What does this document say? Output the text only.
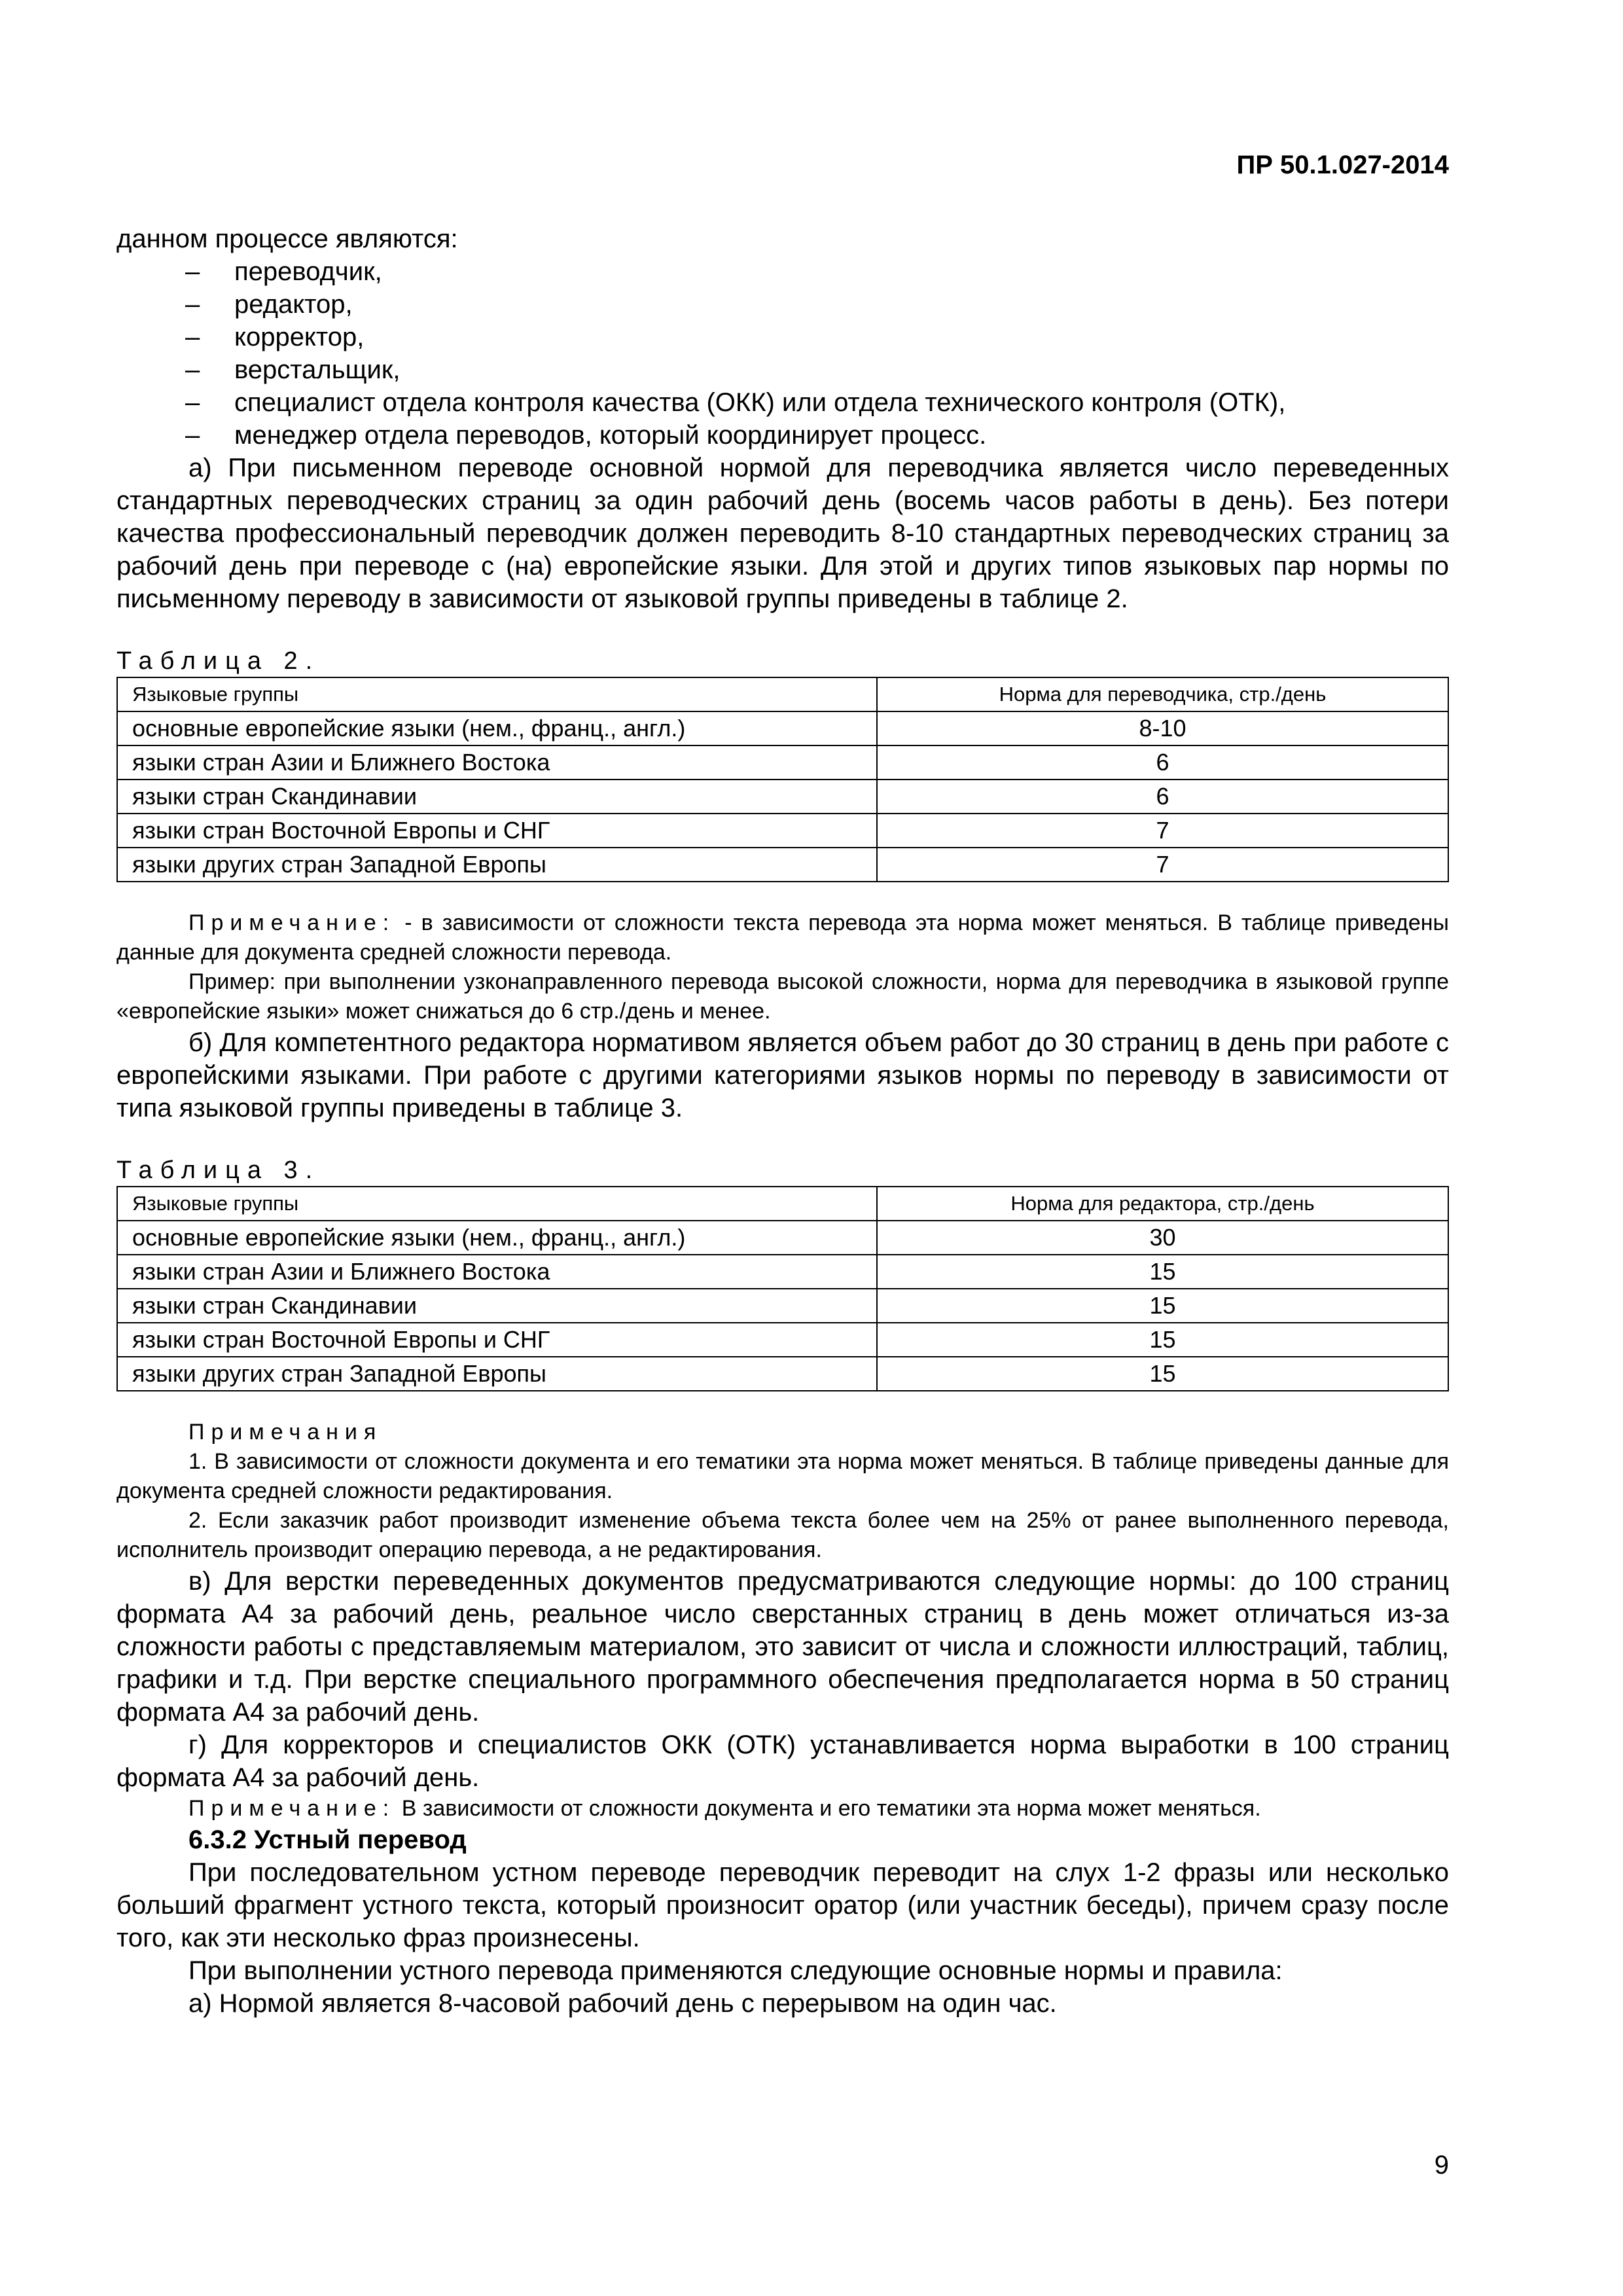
ПР 50.1.027-2014

данном процессе являются:

– переводчик,
– редактор,
– корректор,
– верстальщик,
– специалист отдела контроля качества (ОКК) или отдела технического контроля (ОТК),
– менеджер отдела переводов, который координирует процесс.

а) При письменном переводе основной нормой для переводчика является число переведенных стандартных переводческих страниц за один рабочий день (восемь часов работы в день). Без потери качества профессиональный переводчик должен переводить 8-10 стандартных переводческих страниц за рабочий день при переводе с (на) европейские языки. Для этой и других типов языковых пар нормы по письменному переводу в зависимости от языковой группы приведены в таблице 2.

Таблица 2.
Языковые группы	Норма для переводчика, стр./день
основные европейские языки (нем., франц., англ.)	8-10
языки стран Азии и Ближнего Востока	6
языки стран Скандинавии	6
языки стран Восточной Европы и СНГ	7
языки других стран Западной Европы	7

Примечание: - в зависимости от сложности текста перевода эта норма может меняться. В таблице приведены данные для документа средней сложности перевода.

Пример: при выполнении узконаправленного перевода высокой сложности, норма для переводчика в языковой группе «европейские языки» может снижаться до 6 стр./день и менее.

б) Для компетентного редактора нормативом является объем работ до 30 страниц в день при работе с европейскими языками. При работе с другими категориями языков нормы по переводу в зависимости от типа языковой группы приведены в таблице 3.

Таблица 3.
Языковые группы	Норма для редактора, стр./день
основные европейские языки (нем., франц., англ.)	30
языки стран Азии и Ближнего Востока	15
языки стран Скандинавии	15
языки стран Восточной Европы и СНГ	15
языки других стран Западной Европы	15

Примечания

1. В зависимости от сложности документа и его тематики эта норма может меняться. В таблице приведены данные для документа средней сложности редактирования.

2. Если заказчик работ производит изменение объема текста более чем на 25% от ранее выполненного перевода, исполнитель производит операцию перевода, а не редактирования.

в) Для верстки переведенных документов предусматриваются следующие нормы: до 100 страниц формата А4 за рабочий день, реальное число сверстанных страниц в день может отличаться из-за сложности работы с представляемым материалом, это зависит от числа и сложности иллюстраций, таблиц, графики и т.д. При верстке специального программного обеспечения предполагается норма в 50 страниц формата А4 за рабочий день.

г) Для корректоров и специалистов ОКК (ОТК) устанавливается норма выработки в 100 страниц формата А4 за рабочий день.

Примечание: В зависимости от сложности документа и его тематики эта норма может меняться.

6.3.2 Устный перевод

При последовательном устном переводе переводчик переводит на слух 1-2 фразы или несколько больший фрагмент устного текста, который произносит оратор (или участник беседы), причем сразу после того, как эти несколько фраз произнесены.

При выполнении устного перевода применяются следующие основные нормы и правила:

а) Нормой является 8-часовой рабочий день с перерывом на один час.

9
